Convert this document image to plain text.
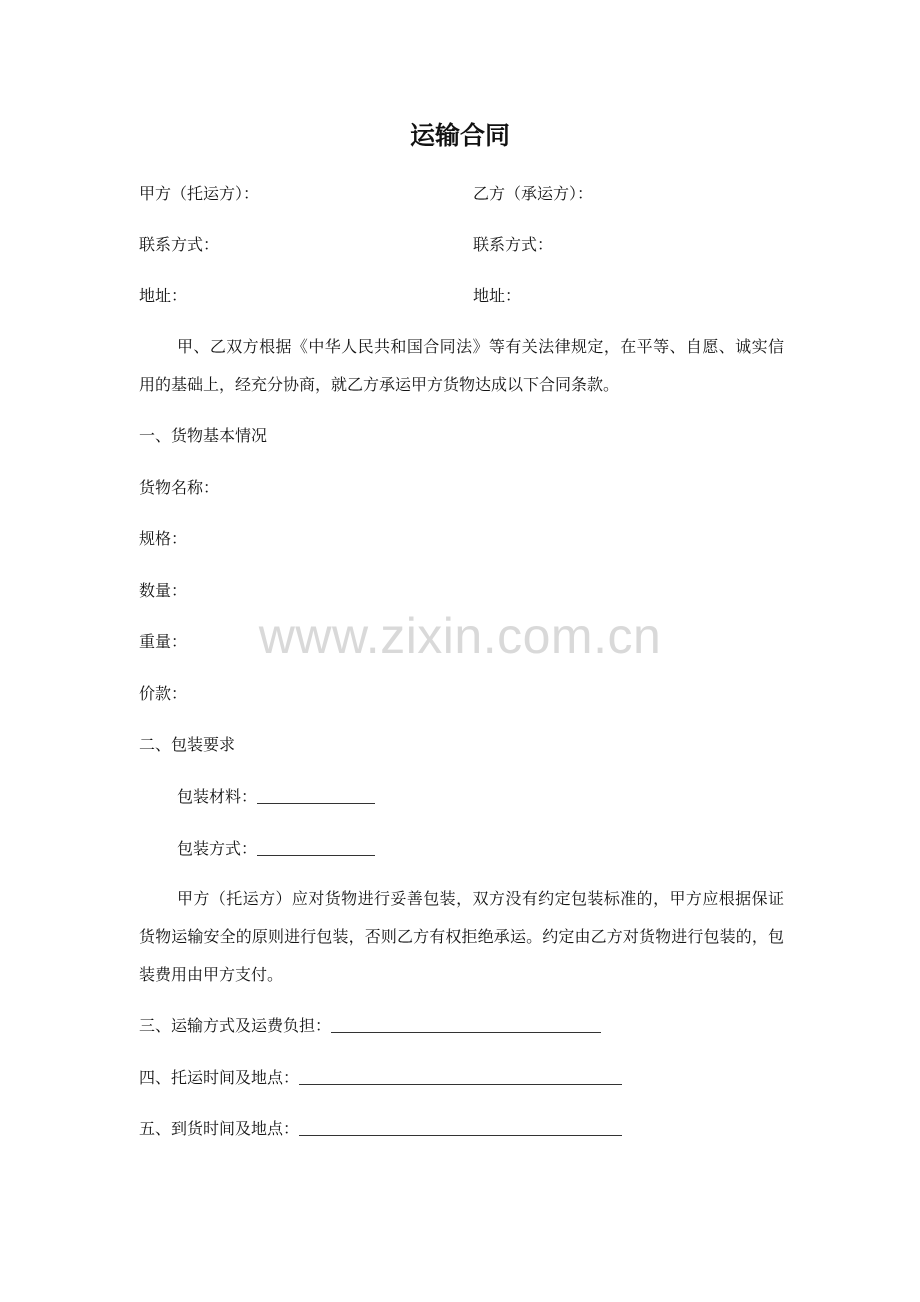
运输合同
甲方（托运方）：	乙方（承运方）：
联系方式：	联系方式：
地址：	地址：
甲、乙双方根据《中华人民共和国合同法》等有关法律规定，在平等、自愿、诚实信用的基础上，经充分协商，就乙方承运甲方货物达成以下合同条款。
一、货物基本情况
货物名称：
规格：
数量：
重量：
价款：
二、包装要求
包装材料：
包装方式：
甲方（托运方）应对货物进行妥善包装，双方没有约定包装标准的，甲方应根据保证货物运输安全的原则进行包装，否则乙方有权拒绝承运。约定由乙方对货物进行包装的，包装费用由甲方支付。
三、运输方式及运费负担：
四、托运时间及地点：
五、到货时间及地点：
www.zixin.com.cn
